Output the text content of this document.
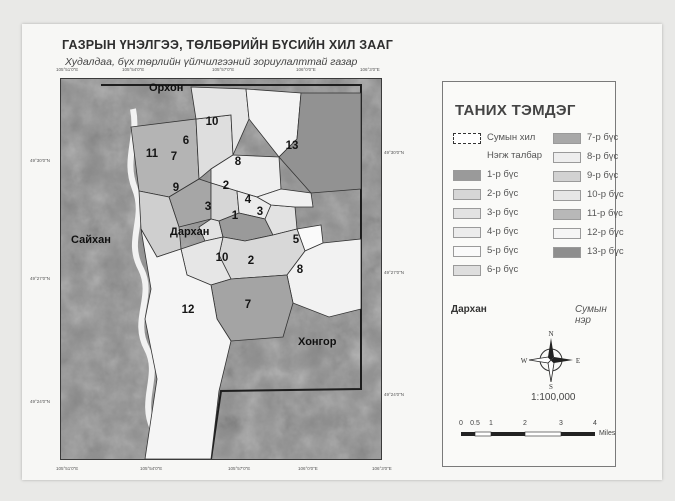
ГАЗРЫН ҮНЭЛГЭЭ, ТӨЛБӨРИЙН БҮСИЙН ХИЛ ЗААГ
Худалдаа, бүх төрлийн үйлчилгээний зориулалттай газар
105°51'0"E	105°54'0"E	105°57'0"E	106°0'0"E	106°3'0"E
105°51'0"E	105°54'0"E	105°57'0"E	106°0'0"E	106°3'0"E
49°30'0"N
49°27'0"N
49°24'0"N
49°30'0"N
49°27'0"N
49°24'0"N
Орхон
Сайхан
Дархан
Хонгор
10
6
11 7
13
8
9	2
4
3
1 3
5
10 2
8
12	7
ТАНИХ ТЭМДЭГ
Сумын хил
Нэгж талбар
1-р бүс
2-р бүс
3-р бүс
4-р бүс
5-р бүс
6-р бүс
7-р бүс
8-р бүс
9-р бүс
10-р бүс
11-р бүс
12-р бүс
13-р бүс
Дархан	Сумын нэр
N
S
E
W
1:100,000
0 0.5 1	2	3	4
Miles
